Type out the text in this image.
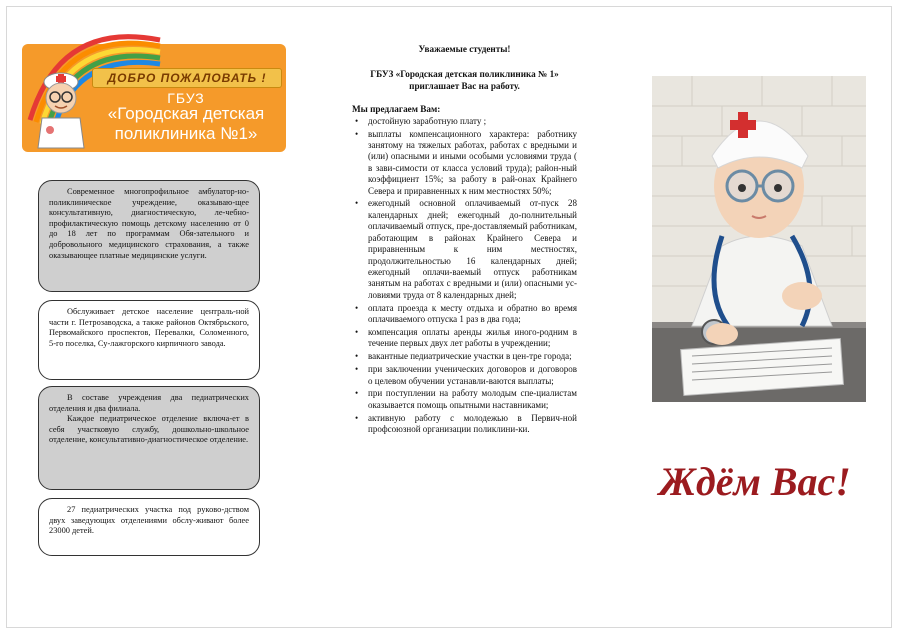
ДОБРО ПОЖАЛОВАТЬ !
ГБУЗ
«Городская детская
поликлиника №1»

Современное многопрофильное амбулатор-но-поликлиническое учреждение, оказываю-щее консультативную, диагностическую, ле-чебно-профилактическую помощь детскому населению от 0 до 18 лет по программам Обя-зательного и добровольного медицинского страхования, а также оказывающее платные медицинские услуги.

Обслуживает детское население централь-ной части г. Петрозаводска, а также районов Октябрьского, Первомайского проспектов, Перевалки, Соломенного, 5-го поселка, Су-лажгорского кирпичного завода.

В составе учреждения два педиатрических отделения и два филиала.

Каждое педиатрическое отделение включа-ет в себя участковую службу, дошкольно-школьное отделение, консультативно-диагностическое отделение.

27 педиатрических участка под руково-дством двух заведующих отделениями обслу-живают более 23000 детей.

Уважаемые студенты!
ГБУЗ «Городская детская поликлиника № 1» приглашает Вас на работу.
Мы предлагаем Вам:
• достойную заработную плату ;
• выплаты компенсационного характера: работнику занятому на тяжелых работах, работах с вредными и (или) опасными и иными особыми условиями труда ( в зави-симости от класса условий труда); район-ный коэффициент 15%; за работу в рай-онах Крайнего Севера и приравненных к ним местностях 50%;
• ежегодный основной оплачиваемый от-пуск 28 календарных дней; ежегодный до-полнительный оплачиваемый отпуск, пре-доставляемый работникам, работающим в районах Крайнего Севера и приравненным к ним местностях, продолжительностью 16 календарных дней; ежегодный оплачи-ваемый отпуск работникам занятым на работах с вредными и (или) опасными ус-ловиями труда от 8 календарных дней;
• оплата проезда к месту отдыха и обратно во время оплачиваемого отпуска 1 раз в два года;
• компенсация оплаты аренды жилья иного-родним в течение первых двух лет работы в учреждении;
• вакантные педиатрические участки в цен-тре города;
• при заключении ученических договоров и договоров о целевом обучении устанавли-ваются выплаты;
• при поступлении на работу молодым спе-циалистам оказывается помощь опытными наставниками;
• активную работу с молодежью в Первич-ной профсоюзной организации поликлини-ки.
Ждём Вас!
